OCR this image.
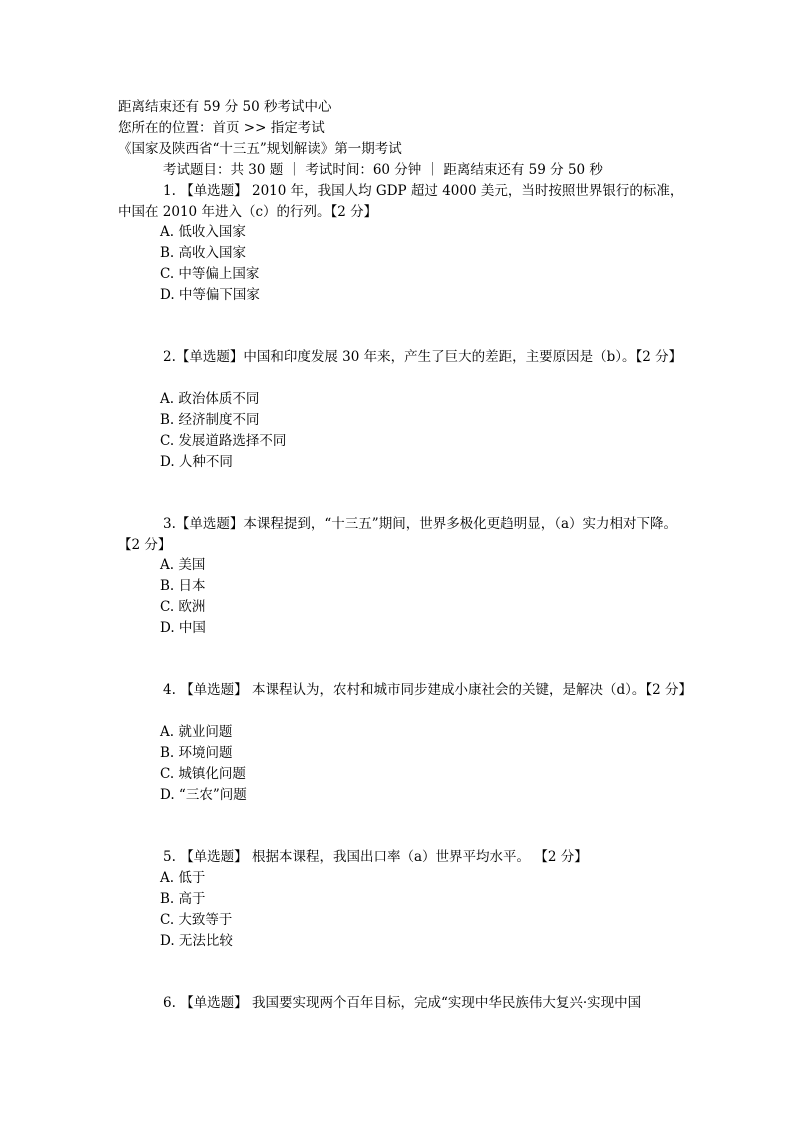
距离结束还有 59 分 50 秒考试中心
您所在的位置：首页 >> 指定考试
《国家及陕西省“十三五”规划解读》第一期考试
考试题目：共 30 题 ｜ 考试时间：60 分钟 ｜ 距离结束还有 59 分 50 秒
1. 【单选题】 2010 年，我国人均 GDP 超过 4000 美元，当时按照世界银行的标准，中国在 2010 年进入（c）的行列。【2 分】
A. 低收入国家
B. 高收入国家
C. 中等偏上国家
D. 中等偏下国家
2.【单选题】中国和印度发展 30 年来，产生了巨大的差距，主要原因是（b）。【2 分】
A. 政治体质不同
B. 经济制度不同
C. 发展道路选择不同
D. 人种不同
3.【单选题】本课程提到，“十三五”期间，世界多极化更趋明显，（a）实力相对下降。【2 分】
A. 美国
B. 日本
C. 欧洲
D. 中国
4. 【单选题】 本课程认为，农村和城市同步建成小康社会的关键，是解决（d）。【2 分】
A. 就业问题
B. 环境问题
C. 城镇化问题
D. “三农”问题
5. 【单选题】 根据本课程，我国出口率（a）世界平均水平。 【2 分】
A. 低于
B. 高于
C. 大致等于
D. 无法比较
6. 【单选题】 我国要实现两个百年目标，完成“实现中华民族伟大复兴·实现中国
